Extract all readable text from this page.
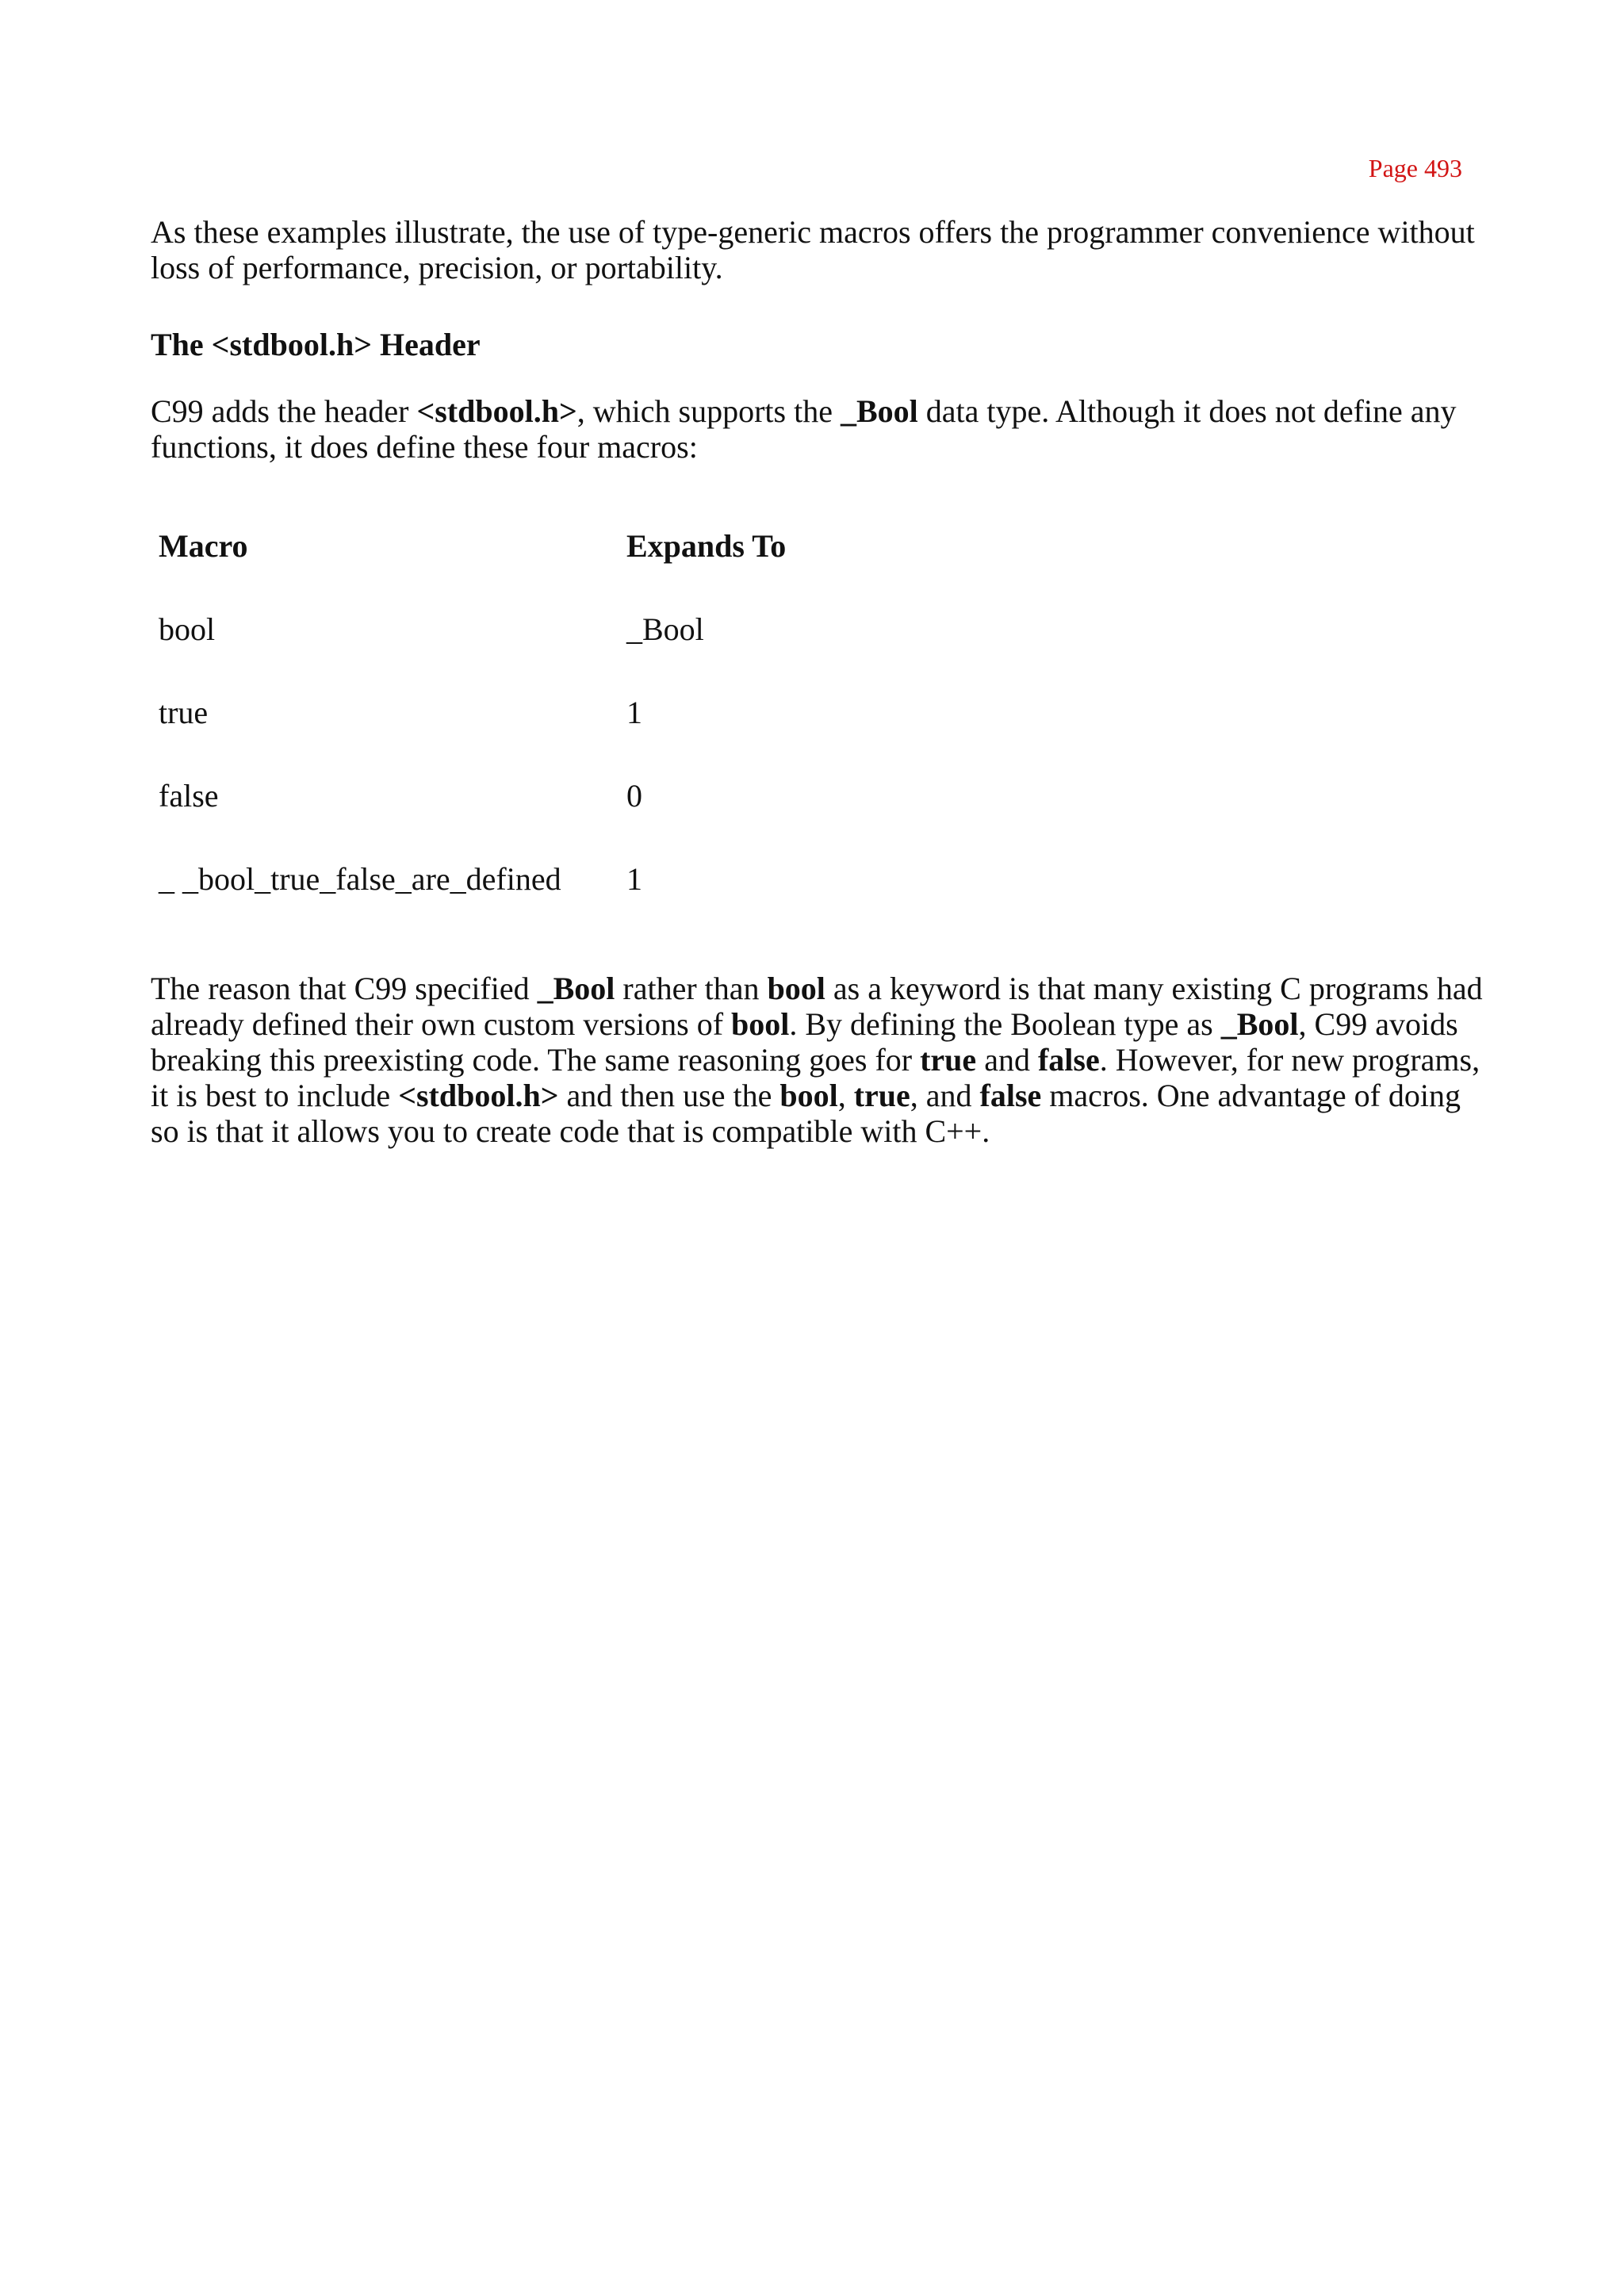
Page 493

As these examples illustrate, the use of type-generic macros offers the programmer convenience without loss of performance, precision, or portability.

The <stdbool.h> Header

C99 adds the header <stdbool.h>, which supports the _Bool data type. Although it does not define any functions, it does define these four macros:

Macro	Expands To
bool	_Bool
true	1
false	0
_ _bool_true_false_are_defined	1

The reason that C99 specified _Bool rather than bool as a keyword is that many existing C programs had already defined their own custom versions of bool. By defining the Boolean type as _Bool, C99 avoids breaking this preexisting code. The same reasoning goes for true and false. However, for new programs, it is best to include <stdbool.h> and then use the bool, true, and false macros. One advantage of doing so is that it allows you to create code that is compatible with C++.
